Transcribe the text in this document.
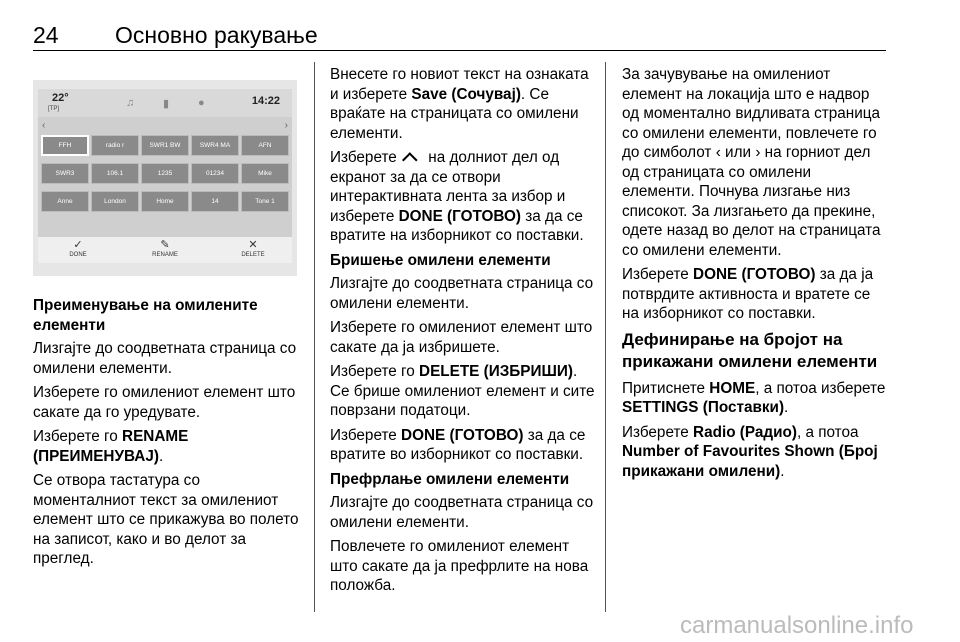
24 Основно ракување
22°
[TP]	♫	▮	●	14:22
‹	›
FFH	radio r	SWR1 BW	SWR4 MA	AFN
SWR3	106.1	1235	01234	Mike
Anne	London	Home	14	Tone 1
✓
DONE
✎
RENAME
✕
DELETE
Преименување на омилените елементи

Лизгајте до соодветната страница со омилени елементи.

Изберете го омилениот елемент што сакате да го уредувате.

Изберете го RENAME (ПРЕИМЕНУВАЈ).

Се отвора тастатура со моменталниот текст за омилениот елемент што се прикажува во полето на записот, како и во делот за преглед.

Внесете го новиот текст на ознаката и изберете Save (Сочувај). Се враќате на страницата со омилени елементи.

Изберете  на долниот дел од екранот за да се отвори интерактивната лента за избор и изберете DONE (ГОТОВО) за да се вратите на изборникот со поставки.

Бришење омилени елементи

Лизгајте до соодветната страница со омилени елементи.

Изберете го омилениот елемент што сакате да ја избришете.

Изберете го DELETE (ИЗБРИШИ). Се брише омилениот елемент и сите поврзани податоци.

Изберете DONE (ГОТОВО) за да се вратите во изборникот со поставки.

Префрлање омилени елементи

Лизгајте до соодветната страница со омилени елементи.

Повлечете го омилениот елемент што сакате да ја префрлите на нова положба.

За зачувување на омилениот елемент на локација што е надвор од моментално видливата страница со омилени елементи, повлечете го до симболот ‹ или › на горниот дел од страницата со омилени елементи. Почнува лизгање низ списокот. За лизгањето да прекине, одете назад во делот на страницата со омилени елементи.

Изберете DONE (ГОТОВО) за да ја потврдите активноста и вратете се на изборникот со поставки.

Дефинирање на бројот на прикажани омилени елементи

Притиснете HOME, а потоа изберете SETTINGS (Поставки).

Изберете Radio (Радио), а потоа Number of Favourites Shown (Број прикажани омилени).

carmanualsonline.info
